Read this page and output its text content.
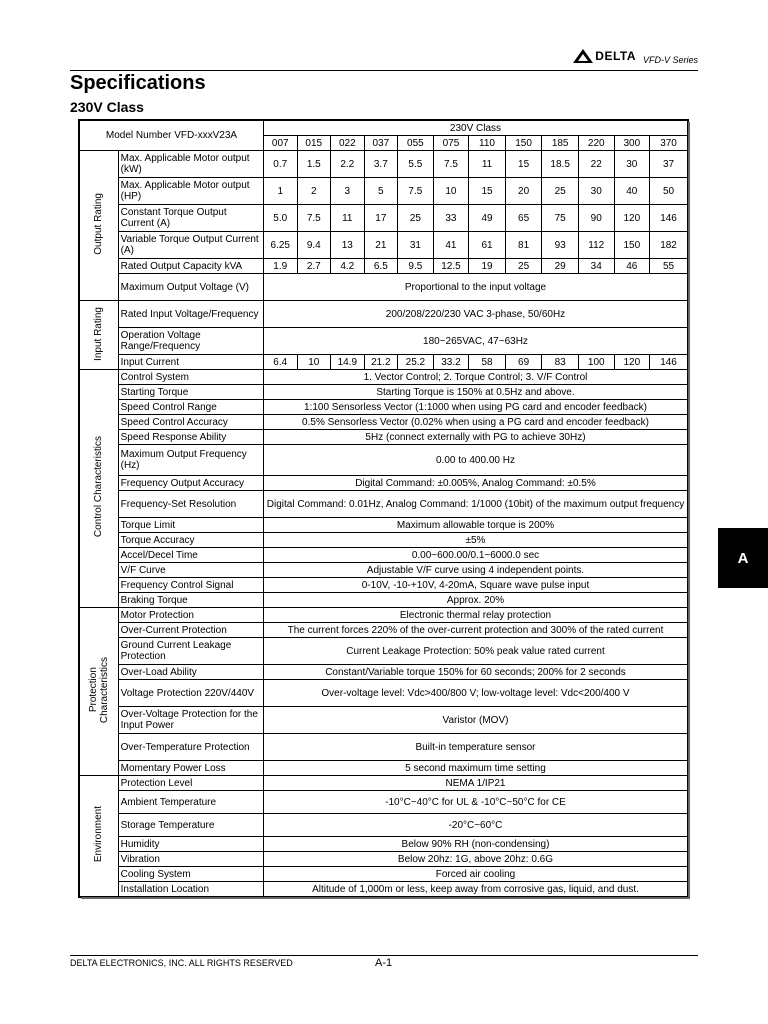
DELTA VFD-V Series
Specifications
230V Class
Model Number VFD-xxxV23A		230V Class											
		007	015	022	037	055	075	110	150	185	220	300	370
Output Rating	Max. Applicable Motor output (kW)	0.7	1.5	2.2	3.7	5.5	7.5	11	15	18.5	22	30	37
	Max. Applicable Motor output (HP)	1	2	3	5	7.5	10	15	20	25	30	40	50
	Constant Torque Output Current (A)	5.0	7.5	11	17	25	33	49	65	75	90	120	146
	Variable Torque Output Current (A)	6.25	9.4	13	21	31	41	61	81	93	112	150	182
	Rated Output Capacity kVA	1.9	2.7	4.2	6.5	9.5	12.5	19	25	29	34	46	55
	Maximum Output Voltage (V)	Proportional to the input voltage											
Input Rating	Rated Input Voltage/Frequency	200/208/220/230 VAC 3-phase, 50/60Hz											
	Operation Voltage Range/Frequency	180~265VAC, 47~63Hz											
	Input Current	6.4	10	14.9	21.2	25.2	33.2	58	69	83	100	120	146
Control Characteristics	Control System	1. Vector Control; 2. Torque Control; 3. V/F Control											
	Starting Torque	Starting Torque is 150% at 0.5Hz and above.											
	Speed Control Range	1:100 Sensorless Vector (1:1000 when using PG card and encoder feedback)											
	Speed Control Accuracy	0.5% Sensorless Vector (0.02% when using a PG card and encoder feedback)											
	Speed Response Ability	5Hz (connect externally with PG to achieve 30Hz)											
	Maximum Output Frequency (Hz)	0.00 to 400.00 Hz											
	Frequency Output Accuracy	Digital Command: ±0.005%, Analog Command: ±0.5%											
	Frequency-Set Resolution	Digital Command: 0.01Hz, Analog Command: 1/1000 (10bit) of the maximum output frequency											
	Torque Limit	Maximum allowable torque is 200%											
	Torque Accuracy	±5%											
	Accel/Decel Time	0.00~600.00/0.1~6000.0 sec											
	V/F Curve	Adjustable V/F curve using 4 independent points.											
	Frequency Control Signal	0-10V, -10-+10V, 4-20mA, Square wave pulse input											
	Braking Torque	Approx. 20%											
Protection
Characteristics	Motor Protection	Electronic thermal relay protection											
	Over-Current Protection	The current forces 220% of the over-current protection and 300% of the rated current											
	Ground Current Leakage Protection	Current Leakage Protection: 50% peak value rated current											
	Over-Load Ability	Constant/Variable torque 150% for 60 seconds; 200% for 2 seconds											
	Voltage Protection 220V/440V	Over-voltage level: Vdc>400/800 V; low-voltage level: Vdc<200/400 V											
	Over-Voltage Protection for the Input Power	Varistor (MOV)											
	Over-Temperature Protection	Built-in temperature sensor											
	Momentary Power Loss	5 second maximum time setting											
Environment	Protection Level	NEMA 1/IP21											
	Ambient Temperature	-10°C~40°C for UL & -10°C~50°C for CE											
	Storage Temperature	-20°C~60°C											
	Humidity	Below 90% RH (non-condensing)											
	Vibration	Below 20hz: 1G, above 20hz: 0.6G											
	Cooling System	Forced air cooling											
	Installation Location	Altitude of 1,000m or less, keep away from corrosive gas, liquid, and dust.											
A
DELTA ELECTRONICS, INC. ALL RIGHTS RESERVED	A-1
